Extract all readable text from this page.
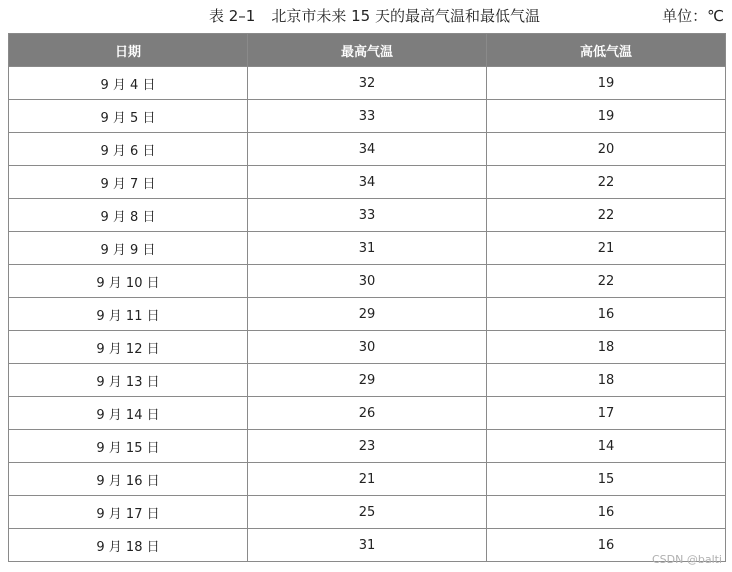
表 2–1 北京市未来 15 天的最高气温和最低气温	单位：℃
日期	最高气温	高低气温
9 月 4 日	32	19
9 月 5 日	33	19
9 月 6 日	34	20
9 月 7 日	34	22
9 月 8 日	33	22
9 月 9 日	31	21
9 月 10 日	30	22
9 月 11 日	29	16
9 月 12 日	30	18
9 月 13 日	29	18
9 月 14 日	26	17
9 月 15 日	23	14
9 月 16 日	21	15
9 月 17 日	25	16
9 月 18 日	31	16
CSDN @balti
